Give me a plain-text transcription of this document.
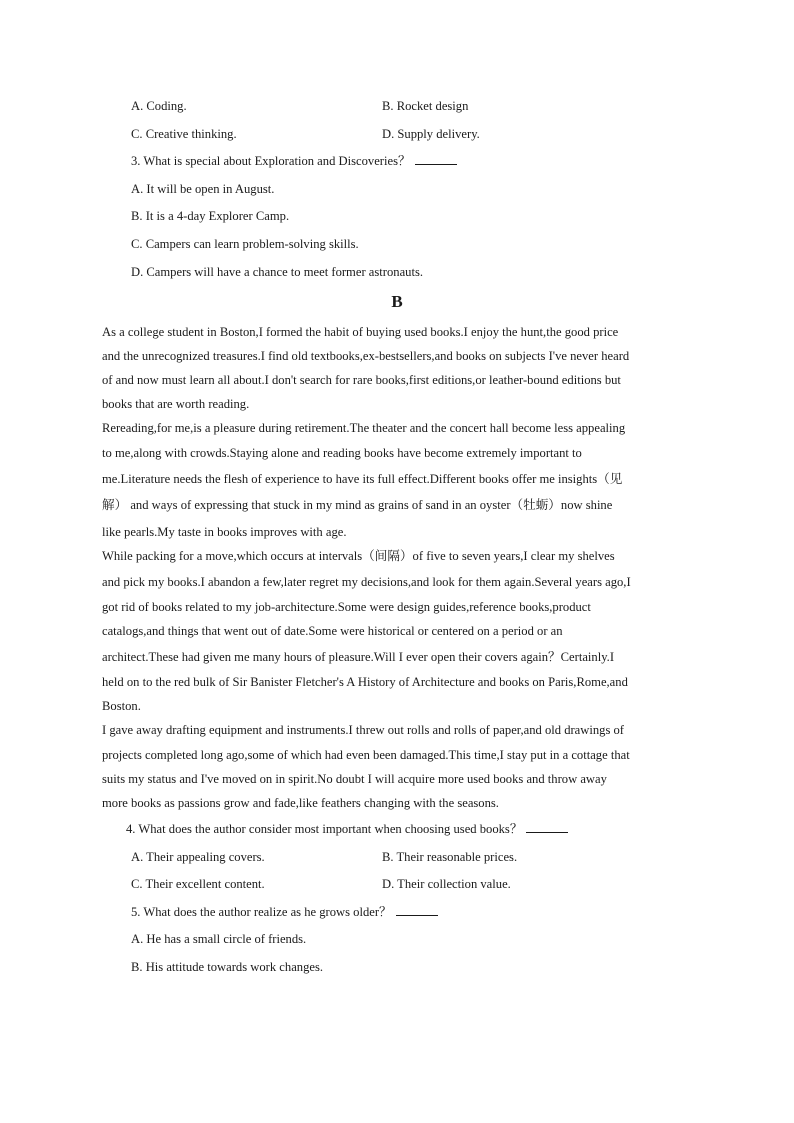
A. Coding.	B. Rocket design
C. Creative thinking.	D. Supply delivery.
3. What is special about Exploration and Discoveries？
A. It will be open in August.
B. It is a 4-day Explorer Camp.
C. Campers can learn problem-solving skills.
D. Campers will have a chance to meet former astronauts.
B
As a college student in Boston,I formed the habit of buying used books.I enjoy the hunt,the good price
and the unrecognized treasures.I find old textbooks,ex-bestsellers,and books on subjects I've never heard
of and now must learn all about.I don't search for rare books,first editions,or leather-bound editions but
books that are worth reading.
Rereading,for me,is a pleasure during retirement.The theater and the concert hall become less appealing
to me,along with crowds.Staying alone and reading books have become extremely important to
me.Literature needs the flesh of experience to have its full effect.Different books offer me insights（见
解） and ways of expressing that stuck in my mind as grains of sand in an oyster（牡蛎）now shine
like pearls.My taste in books improves with age.
While packing for a move,which occurs at intervals（间隔）of five to seven years,I clear my shelves
and pick my books.I abandon a few,later regret my decisions,and look for them again.Several years ago,I
got rid of books related to my job-architecture.Some were design guides,reference books,product
catalogs,and things that went out of date.Some were historical or centered on a period or an
architect.These had given me many hours of pleasure.Will I ever open their covers again？Certainly.I
held on to the red bulk of Sir Banister Fletcher's A History of Architecture and books on Paris,Rome,and
Boston.
I gave away drafting equipment and instruments.I threw out rolls and rolls of paper,and old drawings of
projects completed long ago,some of which had even been damaged.This time,I stay put in a cottage that
suits my status and I've moved on in spirit.No doubt I will acquire more used books and throw away
more books as passions grow and fade,like feathers changing with the seasons.
4. What does the author consider most important when choosing used books？
A. Their appealing covers.	B. Their reasonable prices.
C. Their excellent content.	D. Their collection value.
5. What does the author realize as he grows older？
A. He has a small circle of friends.
B. His attitude towards work changes.
